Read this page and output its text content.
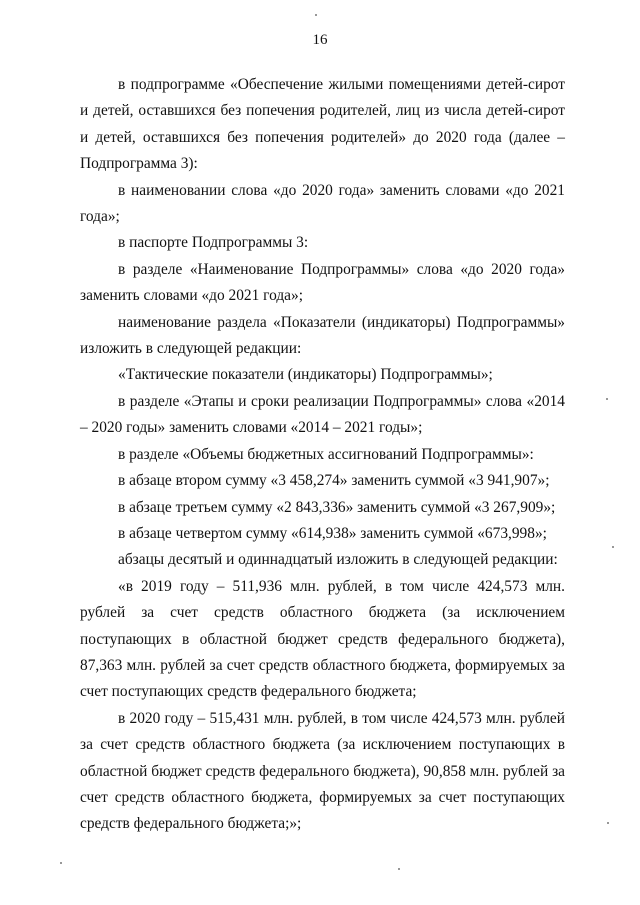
16

в подпрограмме «Обеспечение жилыми помещениями детей-сирот и детей, оставшихся без попечения родителей, лиц из числа детей-сирот и детей, оставшихся без попечения родителей» до 2020 года (далее – Подпрограмма 3):

в наименовании слова «до 2020 года» заменить словами «до 2021 года»;

в паспорте Подпрограммы 3:

в разделе «Наименование Подпрограммы» слова «до 2020 года» заменить словами «до 2021 года»;

наименование раздела «Показатели (индикаторы) Подпрограммы» изложить в следующей редакции:

«Тактические показатели (индикаторы) Подпрограммы»;

в разделе «Этапы и сроки реализации Подпрограммы» слова «2014 – 2020 годы» заменить словами «2014 – 2021 годы»;

в разделе «Объемы бюджетных ассигнований Подпрограммы»:

в абзаце втором сумму «3 458,274» заменить суммой «3 941,907»;

в абзаце третьем сумму «2 843,336» заменить суммой «3 267,909»;

в абзаце четвертом сумму «614,938» заменить суммой «673,998»;

абзацы десятый и одиннадцатый изложить в следующей редакции:

«в 2019 году – 511,936 млн. рублей, в том числе 424,573 млн. рублей за счет средств областного бюджета (за исключением поступающих в областной бюджет средств федерального бюджета), 87,363 млн. рублей за счет средств областного бюджета, формируемых за счет поступающих средств федерального бюджета;

в 2020 году – 515,431 млн. рублей, в том числе 424,573 млн. рублей за счет средств областного бюджета (за исключением поступающих в областной бюджет средств федерального бюджета), 90,858 млн. рублей за счет средств областного бюджета, формируемых за счет поступающих средств федерального бюджета;»;
